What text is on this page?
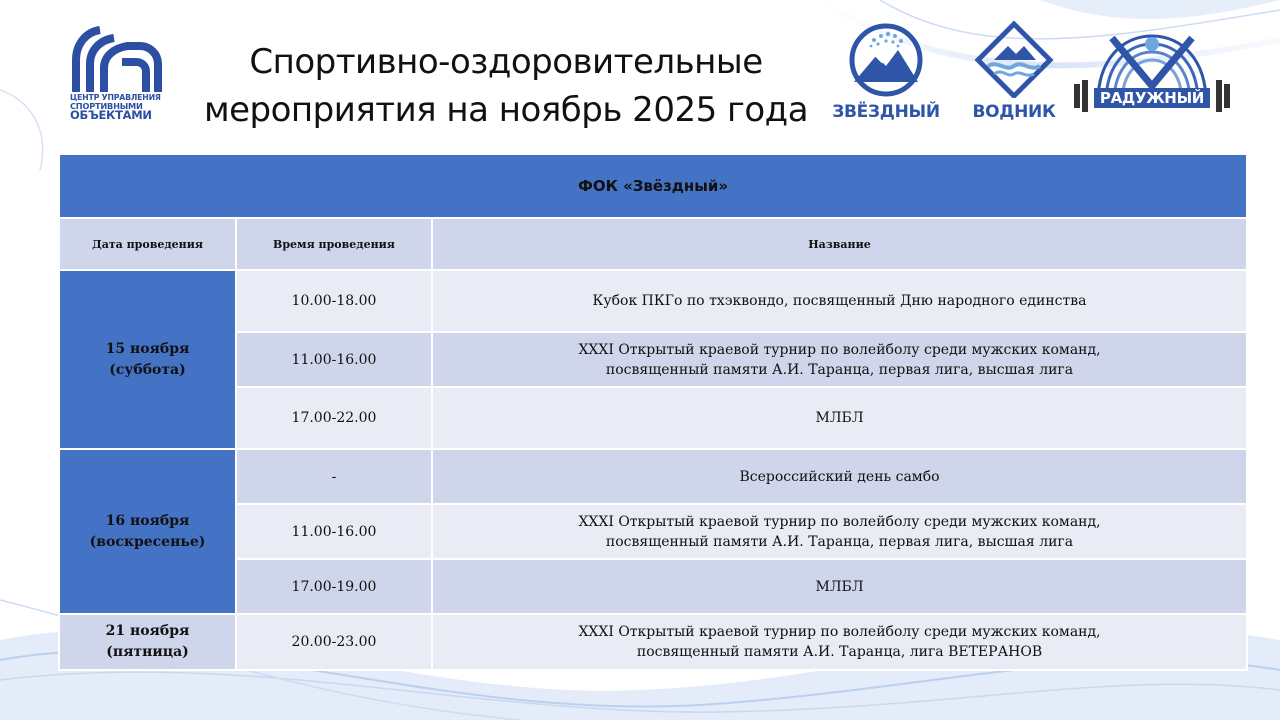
ЦЕНТР УПРАВЛЕНИЯ
СПОРТИВНЫМИ
ОБЪЕКТАМИ
Спортивно-оздоровительные
мероприятия на ноябрь 2025 года	ЗВЁЗДНЫЙ	ВОДНИК
РАДУЖНЫЙ
ФОК «Звёздный»		
Дата проведения	Время проведения	Название

15 ноября
(суббота)	10.00-18.00	Кубок ПКГо по тхэквондо, посвященный Дню народного единства

	11.00-16.00	XXXI Открытый краевой турнир по волейболу среди мужских команд,
посвященный памяти А.И. Таранца, первая лига, высшая лига

	17.00-22.00	МЛБЛ

16 ноября
(воскресенье)	-	Всероссийский день самбо

	11.00-16.00	XXXI Открытый краевой турнир по волейболу среди мужских команд,
посвященный памяти А.И. Таранца, первая лига, высшая лига

	17.00-19.00	МЛБЛ

21 ноября
(пятница)	20.00-23.00	XXXI Открытый краевой турнир по волейболу среди мужских команд,
посвященный памяти А.И. Таранца, лига ВЕТЕРАНОВ
